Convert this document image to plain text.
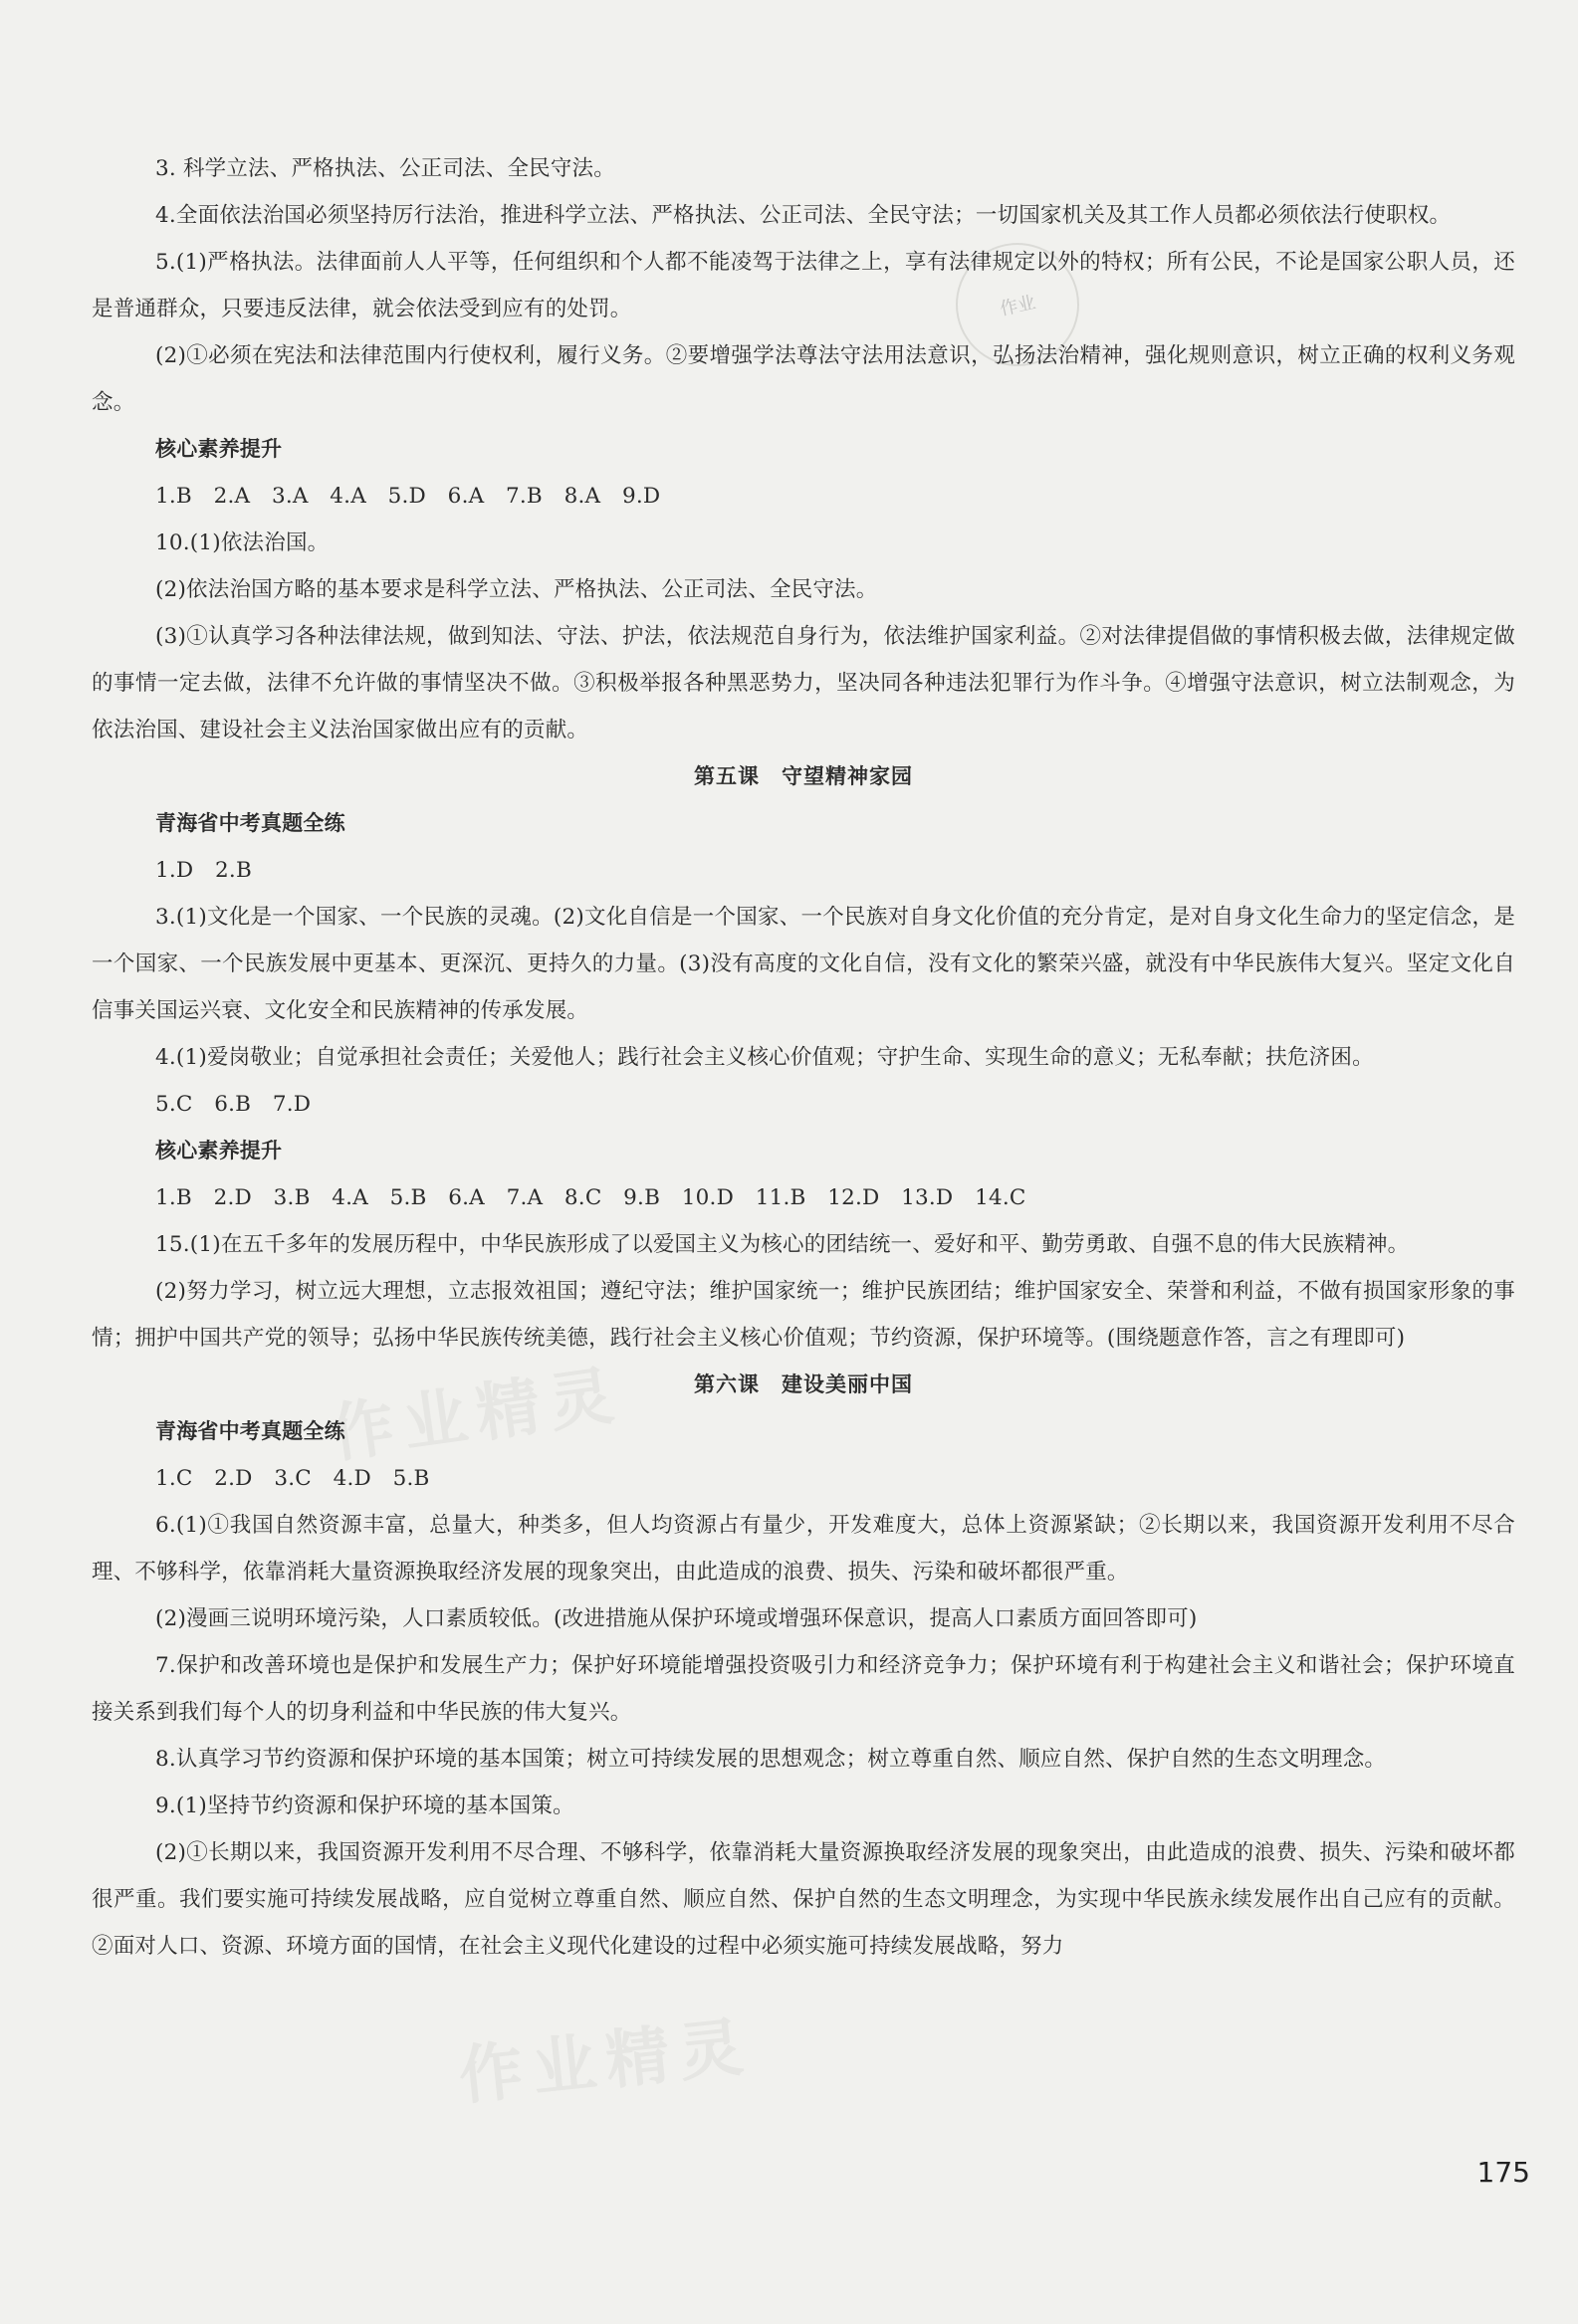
作业
作业精灵
作业精灵

3. 科学立法、严格执法、公正司法、全民守法。

4.全面依法治国必须坚持厉行法治，推进科学立法、严格执法、公正司法、全民守法；一切国家机关及其工作人员都必须依法行使职权。

5.(1)严格执法。法律面前人人平等，任何组织和个人都不能凌驾于法律之上，享有法律规定以外的特权；所有公民，不论是国家公职人员，还是普通群众，只要违反法律，就会依法受到应有的处罚。

(2)①必须在宪法和法律范围内行使权利，履行义务。②要增强学法尊法守法用法意识，弘扬法治精神，强化规则意识，树立正确的权利义务观念。

核心素养提升

1.B　2.A　3.A　4.A　5.D　6.A　7.B　8.A　9.D

10.(1)依法治国。

(2)依法治国方略的基本要求是科学立法、严格执法、公正司法、全民守法。

(3)①认真学习各种法律法规，做到知法、守法、护法，依法规范自身行为，依法维护国家利益。②对法律提倡做的事情积极去做，法律规定做的事情一定去做，法律不允许做的事情坚决不做。③积极举报各种黑恶势力，坚决同各种违法犯罪行为作斗争。④增强守法意识，树立法制观念，为依法治国、建设社会主义法治国家做出应有的贡献。

第五课　守望精神家园

青海省中考真题全练

1.D　2.B

3.(1)文化是一个国家、一个民族的灵魂。(2)文化自信是一个国家、一个民族对自身文化价值的充分肯定，是对自身文化生命力的坚定信念，是一个国家、一个民族发展中更基本、更深沉、更持久的力量。(3)没有高度的文化自信，没有文化的繁荣兴盛，就没有中华民族伟大复兴。坚定文化自信事关国运兴衰、文化安全和民族精神的传承发展。

4.(1)爱岗敬业；自觉承担社会责任；关爱他人；践行社会主义核心价值观；守护生命、实现生命的意义；无私奉献；扶危济困。

5.C　6.B　7.D

核心素养提升

1.B　2.D　3.B　4.A　5.B　6.A　7.A　8.C　9.B　10.D　11.B　12.D　13.D　14.C

15.(1)在五千多年的发展历程中，中华民族形成了以爱国主义为核心的团结统一、爱好和平、勤劳勇敢、自强不息的伟大民族精神。

(2)努力学习，树立远大理想，立志报效祖国；遵纪守法；维护国家统一；维护民族团结；维护国家安全、荣誉和利益，不做有损国家形象的事情；拥护中国共产党的领导；弘扬中华民族传统美德，践行社会主义核心价值观；节约资源，保护环境等。(围绕题意作答，言之有理即可)

第六课　建设美丽中国

青海省中考真题全练

1.C　2.D　3.C　4.D　5.B

6.(1)①我国自然资源丰富，总量大，种类多，但人均资源占有量少，开发难度大，总体上资源紧缺；②长期以来，我国资源开发利用不尽合理、不够科学，依靠消耗大量资源换取经济发展的现象突出，由此造成的浪费、损失、污染和破坏都很严重。

(2)漫画三说明环境污染，人口素质较低。(改进措施从保护环境或增强环保意识，提高人口素质方面回答即可)

7.保护和改善环境也是保护和发展生产力；保护好环境能增强投资吸引力和经济竞争力；保护环境有利于构建社会主义和谐社会；保护环境直接关系到我们每个人的切身利益和中华民族的伟大复兴。

8.认真学习节约资源和保护环境的基本国策；树立可持续发展的思想观念；树立尊重自然、顺应自然、保护自然的生态文明理念。

9.(1)坚持节约资源和保护环境的基本国策。

(2)①长期以来，我国资源开发利用不尽合理、不够科学，依靠消耗大量资源换取经济发展的现象突出，由此造成的浪费、损失、污染和破坏都很严重。我们要实施可持续发展战略，应自觉树立尊重自然、顺应自然、保护自然的生态文明理念，为实现中华民族永续发展作出自己应有的贡献。②面对人口、资源、环境方面的国情，在社会主义现代化建设的过程中必须实施可持续发展战略，努力

175
